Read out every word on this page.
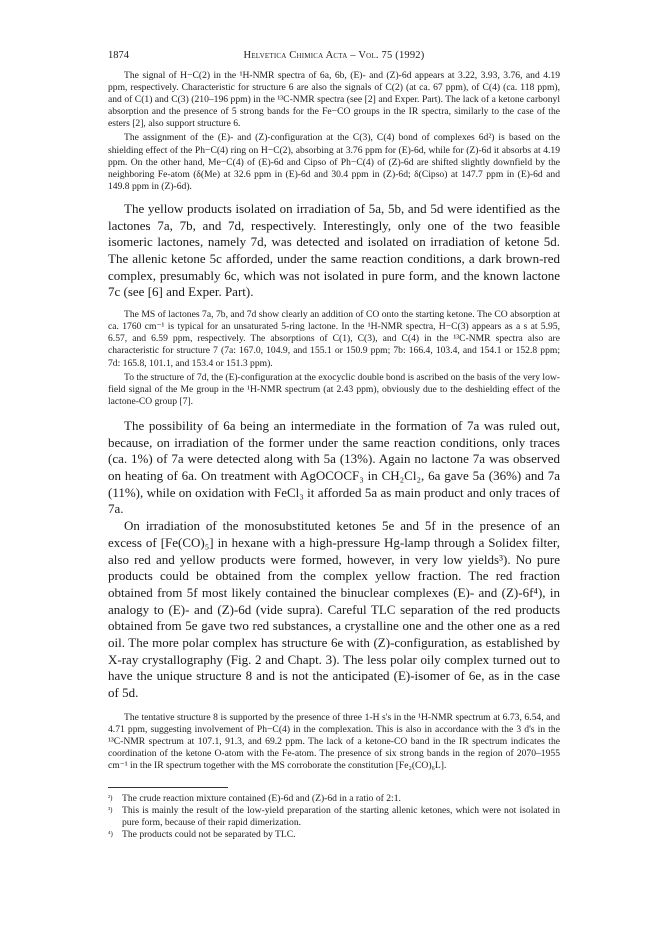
1874	Helvetica Chimica Acta – Vol. 75 (1992)

The signal of H−C(2) in the ¹H-NMR spectra of 6a, 6b, (E)- and (Z)-6d appears at 3.22, 3.93, 3.76, and 4.19 ppm, respectively. Characteristic for structure 6 are also the signals of C(2) (at ca. 67 ppm), of C(4) (ca. 118 ppm), and of C(1) and C(3) (210–196 ppm) in the ¹³C-NMR spectra (see [2] and Exper. Part). The lack of a ketone carbonyl absorption and the presence of 5 strong bands for the Fe−CO groups in the IR spectra, similarly to the case of the esters [2], also support structure 6.

The assignment of the (E)- and (Z)-configuration at the C(3), C(4) bond of complexes 6d²) is based on the shielding effect of the Ph−C(4) ring on H−C(2), absorbing at 3.76 ppm for (E)-6d, while for (Z)-6d it absorbs at 4.19 ppm. On the other hand, Me−C(4) of (E)-6d and Cipso of Ph−C(4) of (Z)-6d are shifted slightly downfield by the neighboring Fe-atom (δ(Me) at 32.6 ppm in (E)-6d and 30.4 ppm in (Z)-6d; δ(Cipso) at 147.7 ppm in (E)-6d and 149.8 ppm in (Z)-6d).

The yellow products isolated on irradiation of 5a, 5b, and 5d were identified as the lactones 7a, 7b, and 7d, respectively. Interestingly, only one of the two feasible isomeric lactones, namely 7d, was detected and isolated on irradiation of ketone 5d. The allenic ketone 5c afforded, under the same reaction conditions, a dark brown-red complex, presumably 6c, which was not isolated in pure form, and the known lactone 7c (see [6] and Exper. Part).

The MS of lactones 7a, 7b, and 7d show clearly an addition of CO onto the starting ketone. The CO absorption at ca. 1760 cm⁻¹ is typical for an unsaturated 5-ring lactone. In the ¹H-NMR spectra, H−C(3) appears as a s at 5.95, 6.57, and 6.59 ppm, respectively. The absorptions of C(1), C(3), and C(4) in the ¹³C-NMR spectra also are characteristic for structure 7 (7a: 167.0, 104.9, and 155.1 or 150.9 ppm; 7b: 166.4, 103.4, and 154.1 or 152.8 ppm; 7d: 165.8, 101.1, and 153.4 or 151.3 ppm).

To the structure of 7d, the (E)-configuration at the exocyclic double bond is ascribed on the basis of the very low-field signal of the Me group in the ¹H-NMR spectrum (at 2.43 ppm), obviously due to the deshielding effect of the lactone-CO group [7].

The possibility of 6a being an intermediate in the formation of 7a was ruled out, because, on irradiation of the former under the same reaction conditions, only traces (ca. 1%) of 7a were detected along with 5a (13%). Again no lactone 7a was observed on heating of 6a. On treatment with AgOCOCF₃ in CH₂Cl₂, 6a gave 5a (36%) and 7a (11%), while on oxidation with FeCl₃ it afforded 5a as main product and only traces of 7a.

On irradiation of the monosubstituted ketones 5e and 5f in the presence of an excess of [Fe(CO)₅] in hexane with a high-pressure Hg-lamp through a Solidex filter, also red and yellow products were formed, however, in very low yields³). No pure products could be obtained from the complex yellow fraction. The red fraction obtained from 5f most likely contained the binuclear complexes (E)- and (Z)-6f⁴), in analogy to (E)- and (Z)-6d (vide supra). Careful TLC separation of the red products obtained from 5e gave two red substances, a crystalline one and the other one as a red oil. The more polar complex has structure 6e with (Z)-configuration, as established by X-ray crystallography (Fig. 2 and Chapt. 3). The less polar oily complex turned out to have the unique structure 8 and is not the anticipated (E)-isomer of 6e, as in the case of 5d.

The tentative structure 8 is supported by the presence of three 1-H s's in the ¹H-NMR spectrum at 6.73, 6.54, and 4.71 ppm, suggesting involvement of Ph−C(4) in the complexation. This is also in accordance with the 3 d's in the ¹³C-NMR spectrum at 107.1, 91.3, and 69.2 ppm. The lack of a ketone-CO band in the IR spectrum indicates the coordination of the ketone O-atom with the Fe-atom. The presence of six strong bands in the region of 2070–1955 cm⁻¹ in the IR spectrum together with the MS corroborate the constitution [Fe₂(CO)₆L].

²) The crude reaction mixture contained (E)-6d and (Z)-6d in a ratio of 2:1.
³) This is mainly the result of the low-yield preparation of the starting allenic ketones, which were not isolated in pure form, because of their rapid dimerization.
⁴) The products could not be separated by TLC.
